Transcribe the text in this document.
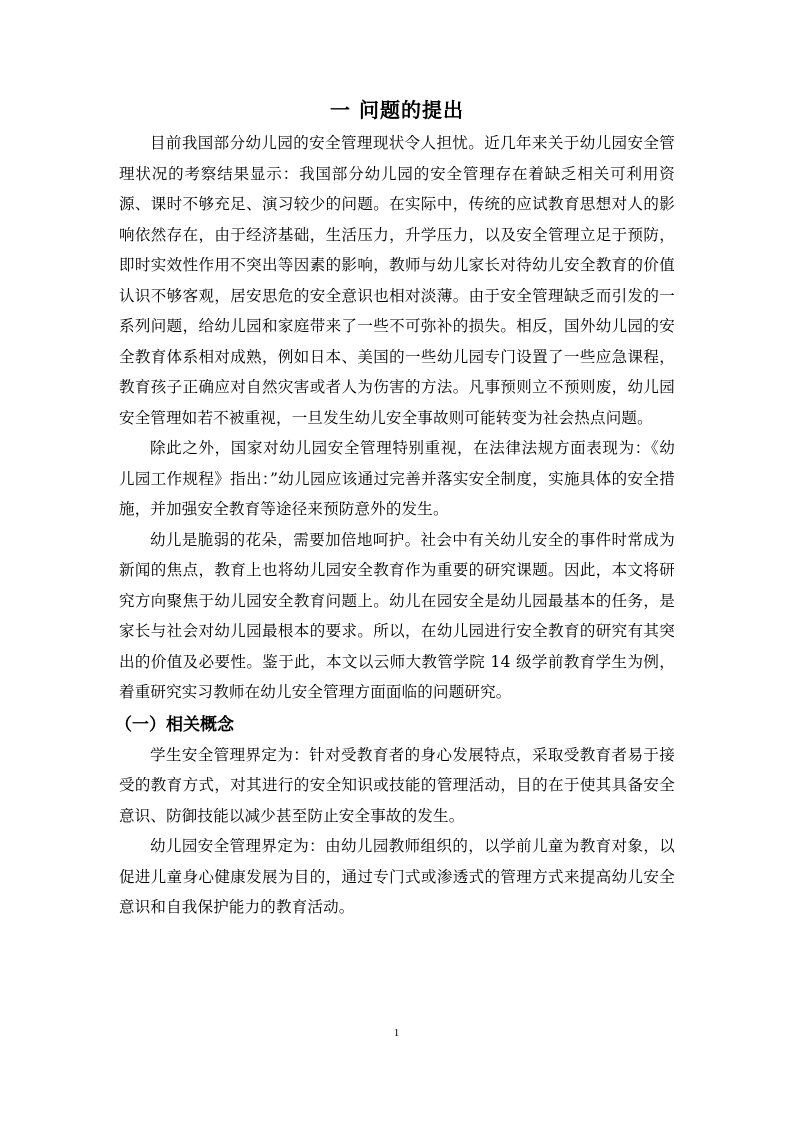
一 问题的提出

目前我国部分幼儿园的安全管理现状令人担忧。近几年来关于幼儿园安全管理状况的考察结果显示：我国部分幼儿园的安全管理存在着缺乏相关可利用资源、课时不够充足、演习较少的问题。在实际中，传统的应试教育思想对人的影响依然存在，由于经济基础，生活压力，升学压力，以及安全管理立足于预防，即时实效性作用不突出等因素的影响，教师与幼儿家长对待幼儿安全教育的价值认识不够客观，居安思危的安全意识也相对淡薄。由于安全管理缺乏而引发的一系列问题，给幼儿园和家庭带来了一些不可弥补的损失。相反，国外幼儿园的安全教育体系相对成熟，例如日本、美国的一些幼儿园专门设置了一些应急课程，教育孩子正确应对自然灾害或者人为伤害的方法。凡事预则立不预则废，幼儿园安全管理如若不被重视，一旦发生幼儿安全事故则可能转变为社会热点问题。

除此之外，国家对幼儿园安全管理特别重视，在法律法规方面表现为：《幼儿园工作规程》指出：”幼儿园应该通过完善并落实安全制度，实施具体的安全措施，并加强安全教育等途径来预防意外的发生。

幼儿是脆弱的花朵，需要加倍地呵护。社会中有关幼儿安全的事件时常成为新闻的焦点，教育上也将幼儿园安全教育作为重要的研究课题。因此，本文将研究方向聚焦于幼儿园安全教育问题上。幼儿在园安全是幼儿园最基本的任务，是家长与社会对幼儿园最根本的要求。所以，在幼儿园进行安全教育的研究有其突出的价值及必要性。鉴于此，本文以云师大教管学院 14 级学前教育学生为例，着重研究实习教师在幼儿安全管理方面面临的问题研究。

（一）相关概念

学生安全管理界定为：针对受教育者的身心发展特点，采取受教育者易于接受的教育方式，对其进行的安全知识或技能的管理活动，目的在于使其具备安全意识、防御技能以减少甚至防止安全事故的发生。

幼儿园安全管理界定为：由幼儿园教师组织的，以学前儿童为教育对象，以促进儿童身心健康发展为目的，通过专门式或渗透式的管理方式来提高幼儿安全意识和自我保护能力的教育活动。

1
